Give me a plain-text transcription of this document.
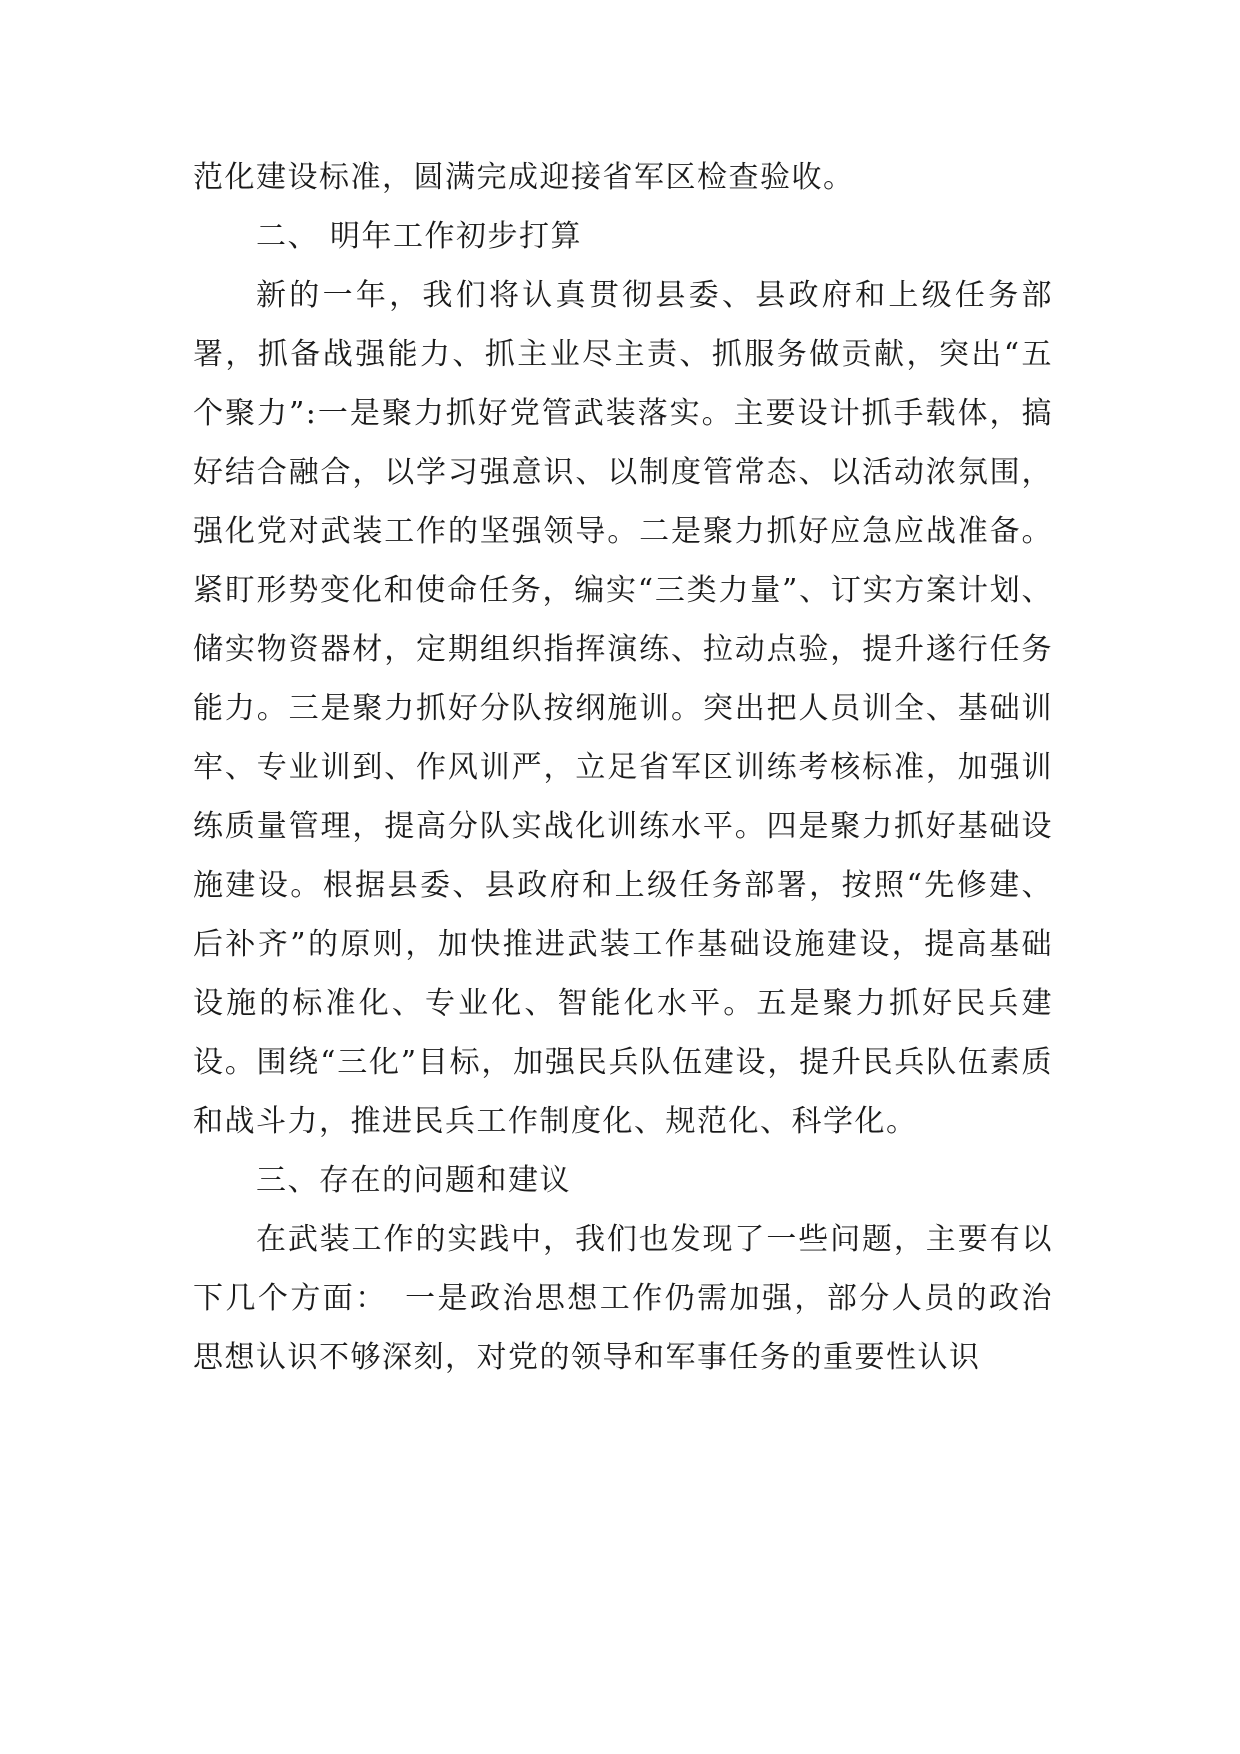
范化建设标准，圆满完成迎接省军区检查验收。

二、 明年工作初步打算

新的一年，我们将认真贯彻县委、县政府和上级任务部署，抓备战强能力、抓主业尽主责、抓服务做贡献，突出“五个聚力”:一是聚力抓好党管武装落实。主要设计抓手载体，搞好结合融合，以学习强意识、以制度管常态、以活动浓氛围，强化党对武装工作的坚强领导。二是聚力抓好应急应战准备。紧盯形势变化和使命任务，编实“三类力量”、订实方案计划、储实物资器材，定期组织指挥演练、拉动点验，提升遂行任务能力。三是聚力抓好分队按纲施训。突出把人员训全、基础训牢、专业训到、作风训严，立足省军区训练考核标准，加强训练质量管理，提高分队实战化训练水平。四是聚力抓好基础设施建设。根据县委、县政府和上级任务部署，按照“先修建、后补齐”的原则，加快推进武装工作基础设施建设，提高基础设施的标准化、专业化、智能化水平。五是聚力抓好民兵建设。围绕“三化”目标，加强民兵队伍建设，提升民兵队伍素质和战斗力，推进民兵工作制度化、规范化、科学化。

三、存在的问题和建议

在武装工作的实践中，我们也发现了一些问题，主要有以下几个方面：　一是政治思想工作仍需加强，部分人员的政治思想认识不够深刻，对党的领导和军事任务的重要性认识
